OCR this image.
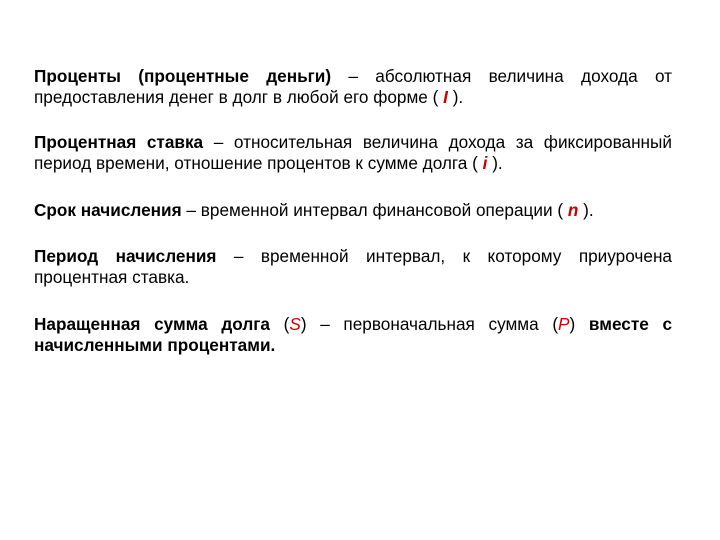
Проценты (процентные деньги) – абсолютная величина дохода от предоставления денег в долг в любой его форме ( I ).

Процентная ставка – относительная величина дохода за фиксированный период времени, отношение процентов к сумме долга ( i ).

Срок начисления – временной интервал финансовой операции ( n ).

Период начисления – временной интервал, к которому приурочена процентная ставка.

Наращенная сумма долга (S) – первоначальная сумма (P) вместе с начисленными процентами.
